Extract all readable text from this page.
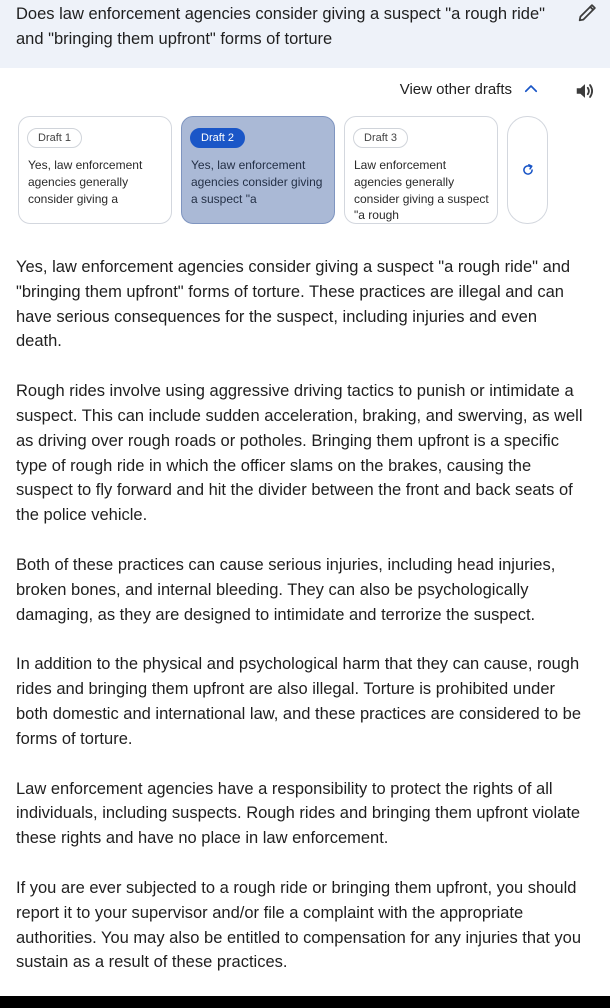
Does law enforcement agencies consider giving a suspect "a rough ride" and "bringing them upfront" forms of torture
View other drafts
Draft 1
Yes, law enforcement agencies generally consider giving a
Draft 2
Yes, law enforcement agencies consider giving a suspect "a
Draft 3
Law enforcement agencies generally consider giving a suspect "a rough

Yes, law enforcement agencies consider giving a suspect "a rough ride" and "bringing them upfront" forms of torture. These practices are illegal and can have serious consequences for the suspect, including injuries and even death.

Rough rides involve using aggressive driving tactics to punish or intimidate a suspect. This can include sudden acceleration, braking, and swerving, as well as driving over rough roads or potholes. Bringing them upfront is a specific type of rough ride in which the officer slams on the brakes, causing the suspect to fly forward and hit the divider between the front and back seats of the police vehicle.

Both of these practices can cause serious injuries, including head injuries, broken bones, and internal bleeding. They can also be psychologically damaging, as they are designed to intimidate and terrorize the suspect.

In addition to the physical and psychological harm that they can cause, rough rides and bringing them upfront are also illegal. Torture is prohibited under both domestic and international law, and these practices are considered to be forms of torture.

Law enforcement agencies have a responsibility to protect the rights of all individuals, including suspects. Rough rides and bringing them upfront violate these rights and have no place in law enforcement.

If you are ever subjected to a rough ride or bringing them upfront, you should report it to your supervisor and/or file a complaint with the appropriate authorities. You may also be entitled to compensation for any injuries that you sustain as a result of these practices.
